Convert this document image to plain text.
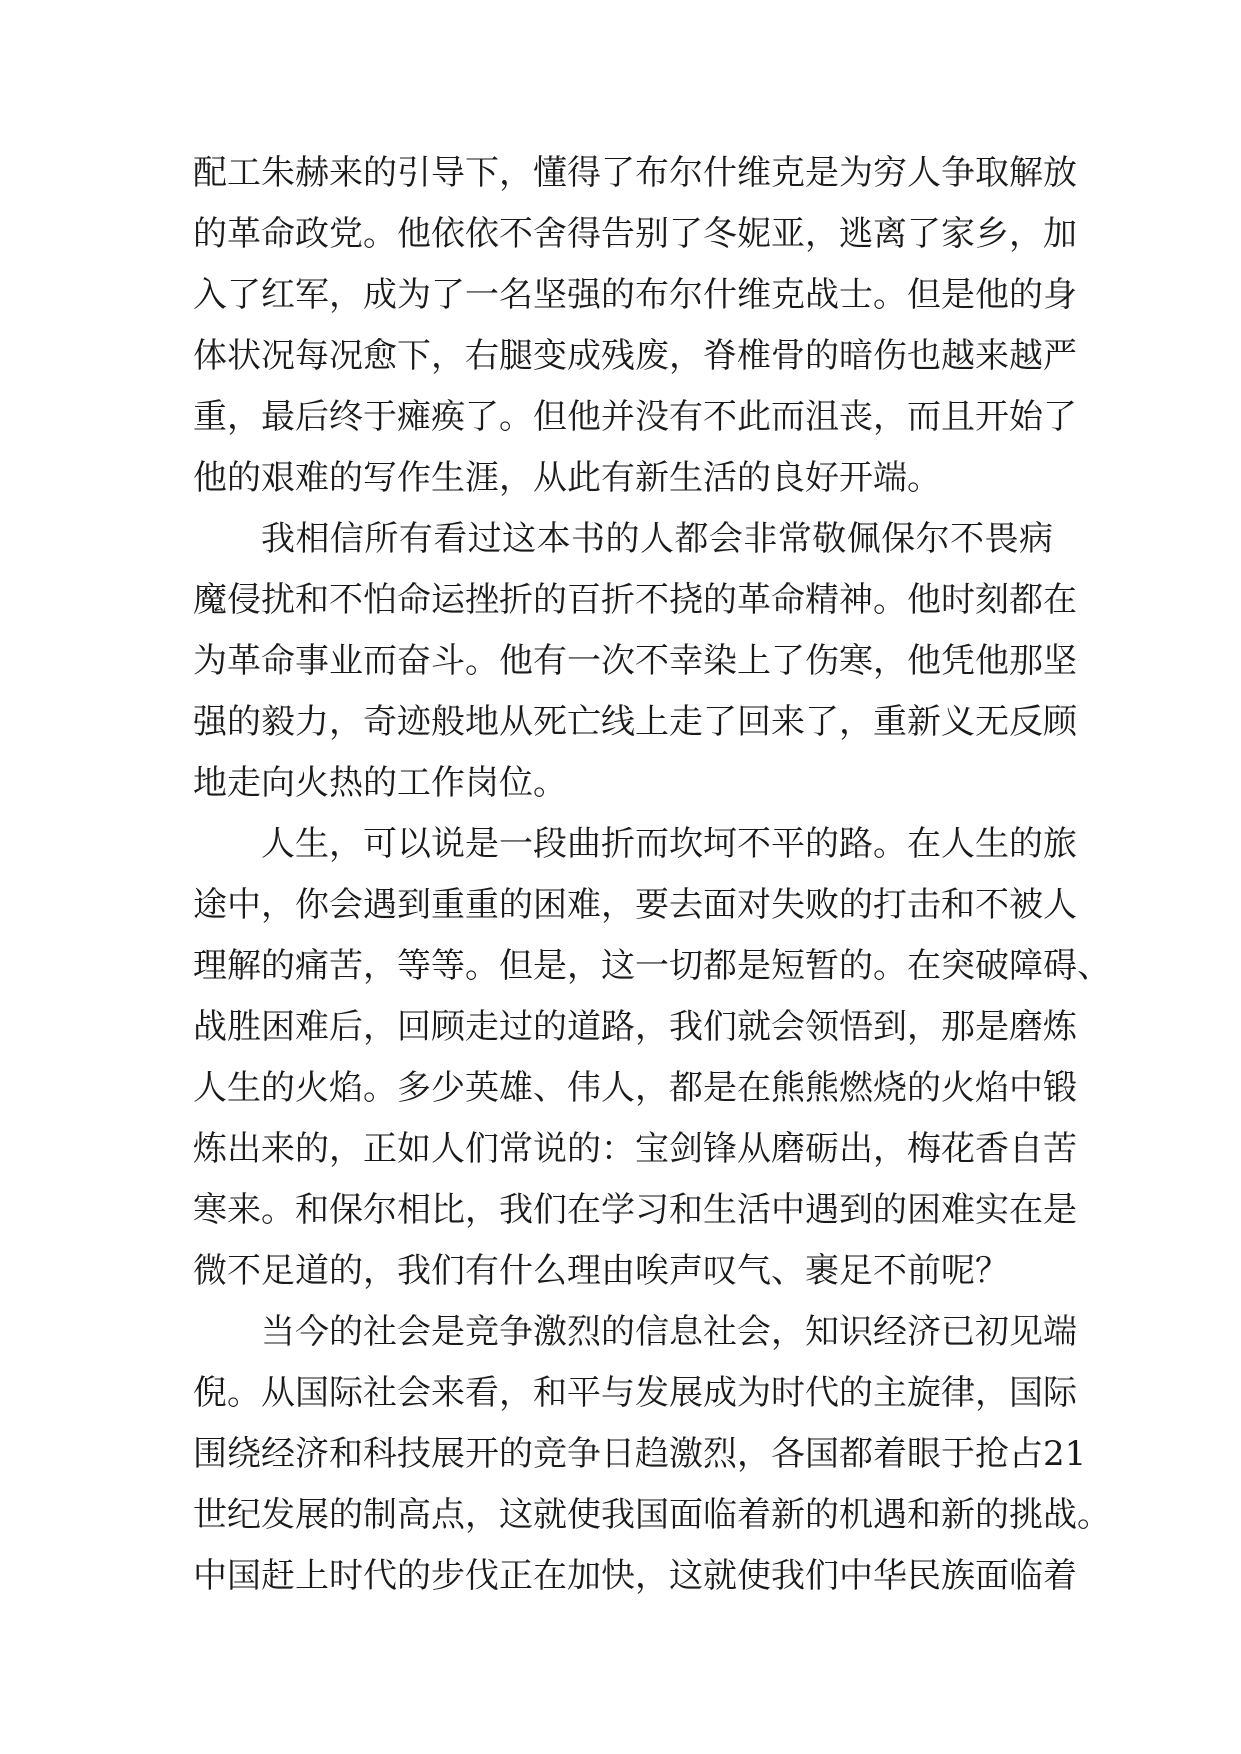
配工朱赫来的引导下，懂得了布尔什维克是为穷人争取解放
的革命政党。他依依不舍得告别了冬妮亚，逃离了家乡，加
入了红军，成为了一名坚强的布尔什维克战士。但是他的身
体状况每况愈下，右腿变成残废，脊椎骨的暗伤也越来越严
重，最后终于瘫痪了。但他并没有不此而沮丧，而且开始了
他的艰难的写作生涯，从此有新生活的良好开端。
我相信所有看过这本书的人都会非常敬佩保尔不畏病
魔侵扰和不怕命运挫折的百折不挠的革命精神。他时刻都在
为革命事业而奋斗。他有一次不幸染上了伤寒，他凭他那坚
强的毅力，奇迹般地从死亡线上走了回来了，重新义无反顾
地走向火热的工作岗位。
人生，可以说是一段曲折而坎坷不平的路。在人生的旅
途中，你会遇到重重的困难，要去面对失败的打击和不被人
理解的痛苦，等等。但是，这一切都是短暂的。在突破障碍、
战胜困难后，回顾走过的道路，我们就会领悟到，那是磨炼
人生的火焰。多少英雄、伟人，都是在熊熊燃烧的火焰中锻
炼出来的，正如人们常说的：宝剑锋从磨砺出，梅花香自苦
寒来。和保尔相比，我们在学习和生活中遇到的困难实在是
微不足道的，我们有什么理由唉声叹气、裹足不前呢？
当今的社会是竞争激烈的信息社会，知识经济已初见端
倪。从国际社会来看，和平与发展成为时代的主旋律，国际
围绕经济和科技展开的竞争日趋激烈，各国都着眼于抢占21
世纪发展的制高点，这就使我国面临着新的机遇和新的挑战。
中国赶上时代的步伐正在加快，这就使我们中华民族面临着
